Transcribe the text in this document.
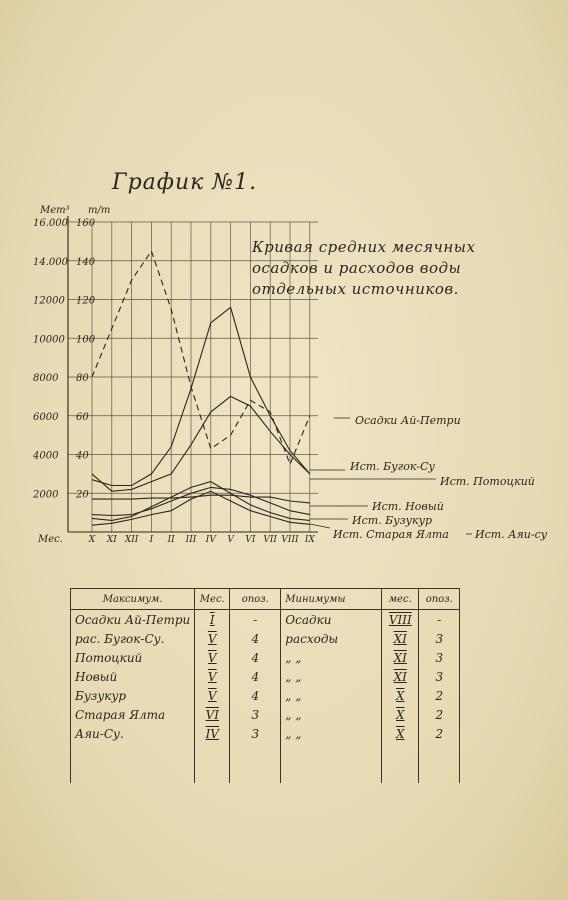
График №1.
Мет³ m/m
16.000
14.000
12000
10000
8000
6000
4000
2000
160
140
120
100
80
60
40
20
Мес.	X XI XII I II III IV V VI VII VIII IX
Кривая средних месячных
осадков и расходов воды
отдельных источников.
Осадки Ай-Петри
Ист. Бугок-Су
Ист. Потоцкий
Ист. Новый
Ист. Бузукур
Ист. Старая Ялта Ист. Аяи-су
Максимум.	Мес.	опоз.	Минимумы	мес.	опоз.
Осадки Ай-Петри	I	-	Осадки	VIII	-
рас. Бугок-Су.	V	4	расходы	XI	3
Потоцкий	V	4	„ „	XI	3
Новый	V	4	„ „	XI	3
Бузукур	V	4	„ „	X	2
Старая Ялта	VI	3	„ „	X	2
Аяи-Су.	IV	3	„ „	X	2
